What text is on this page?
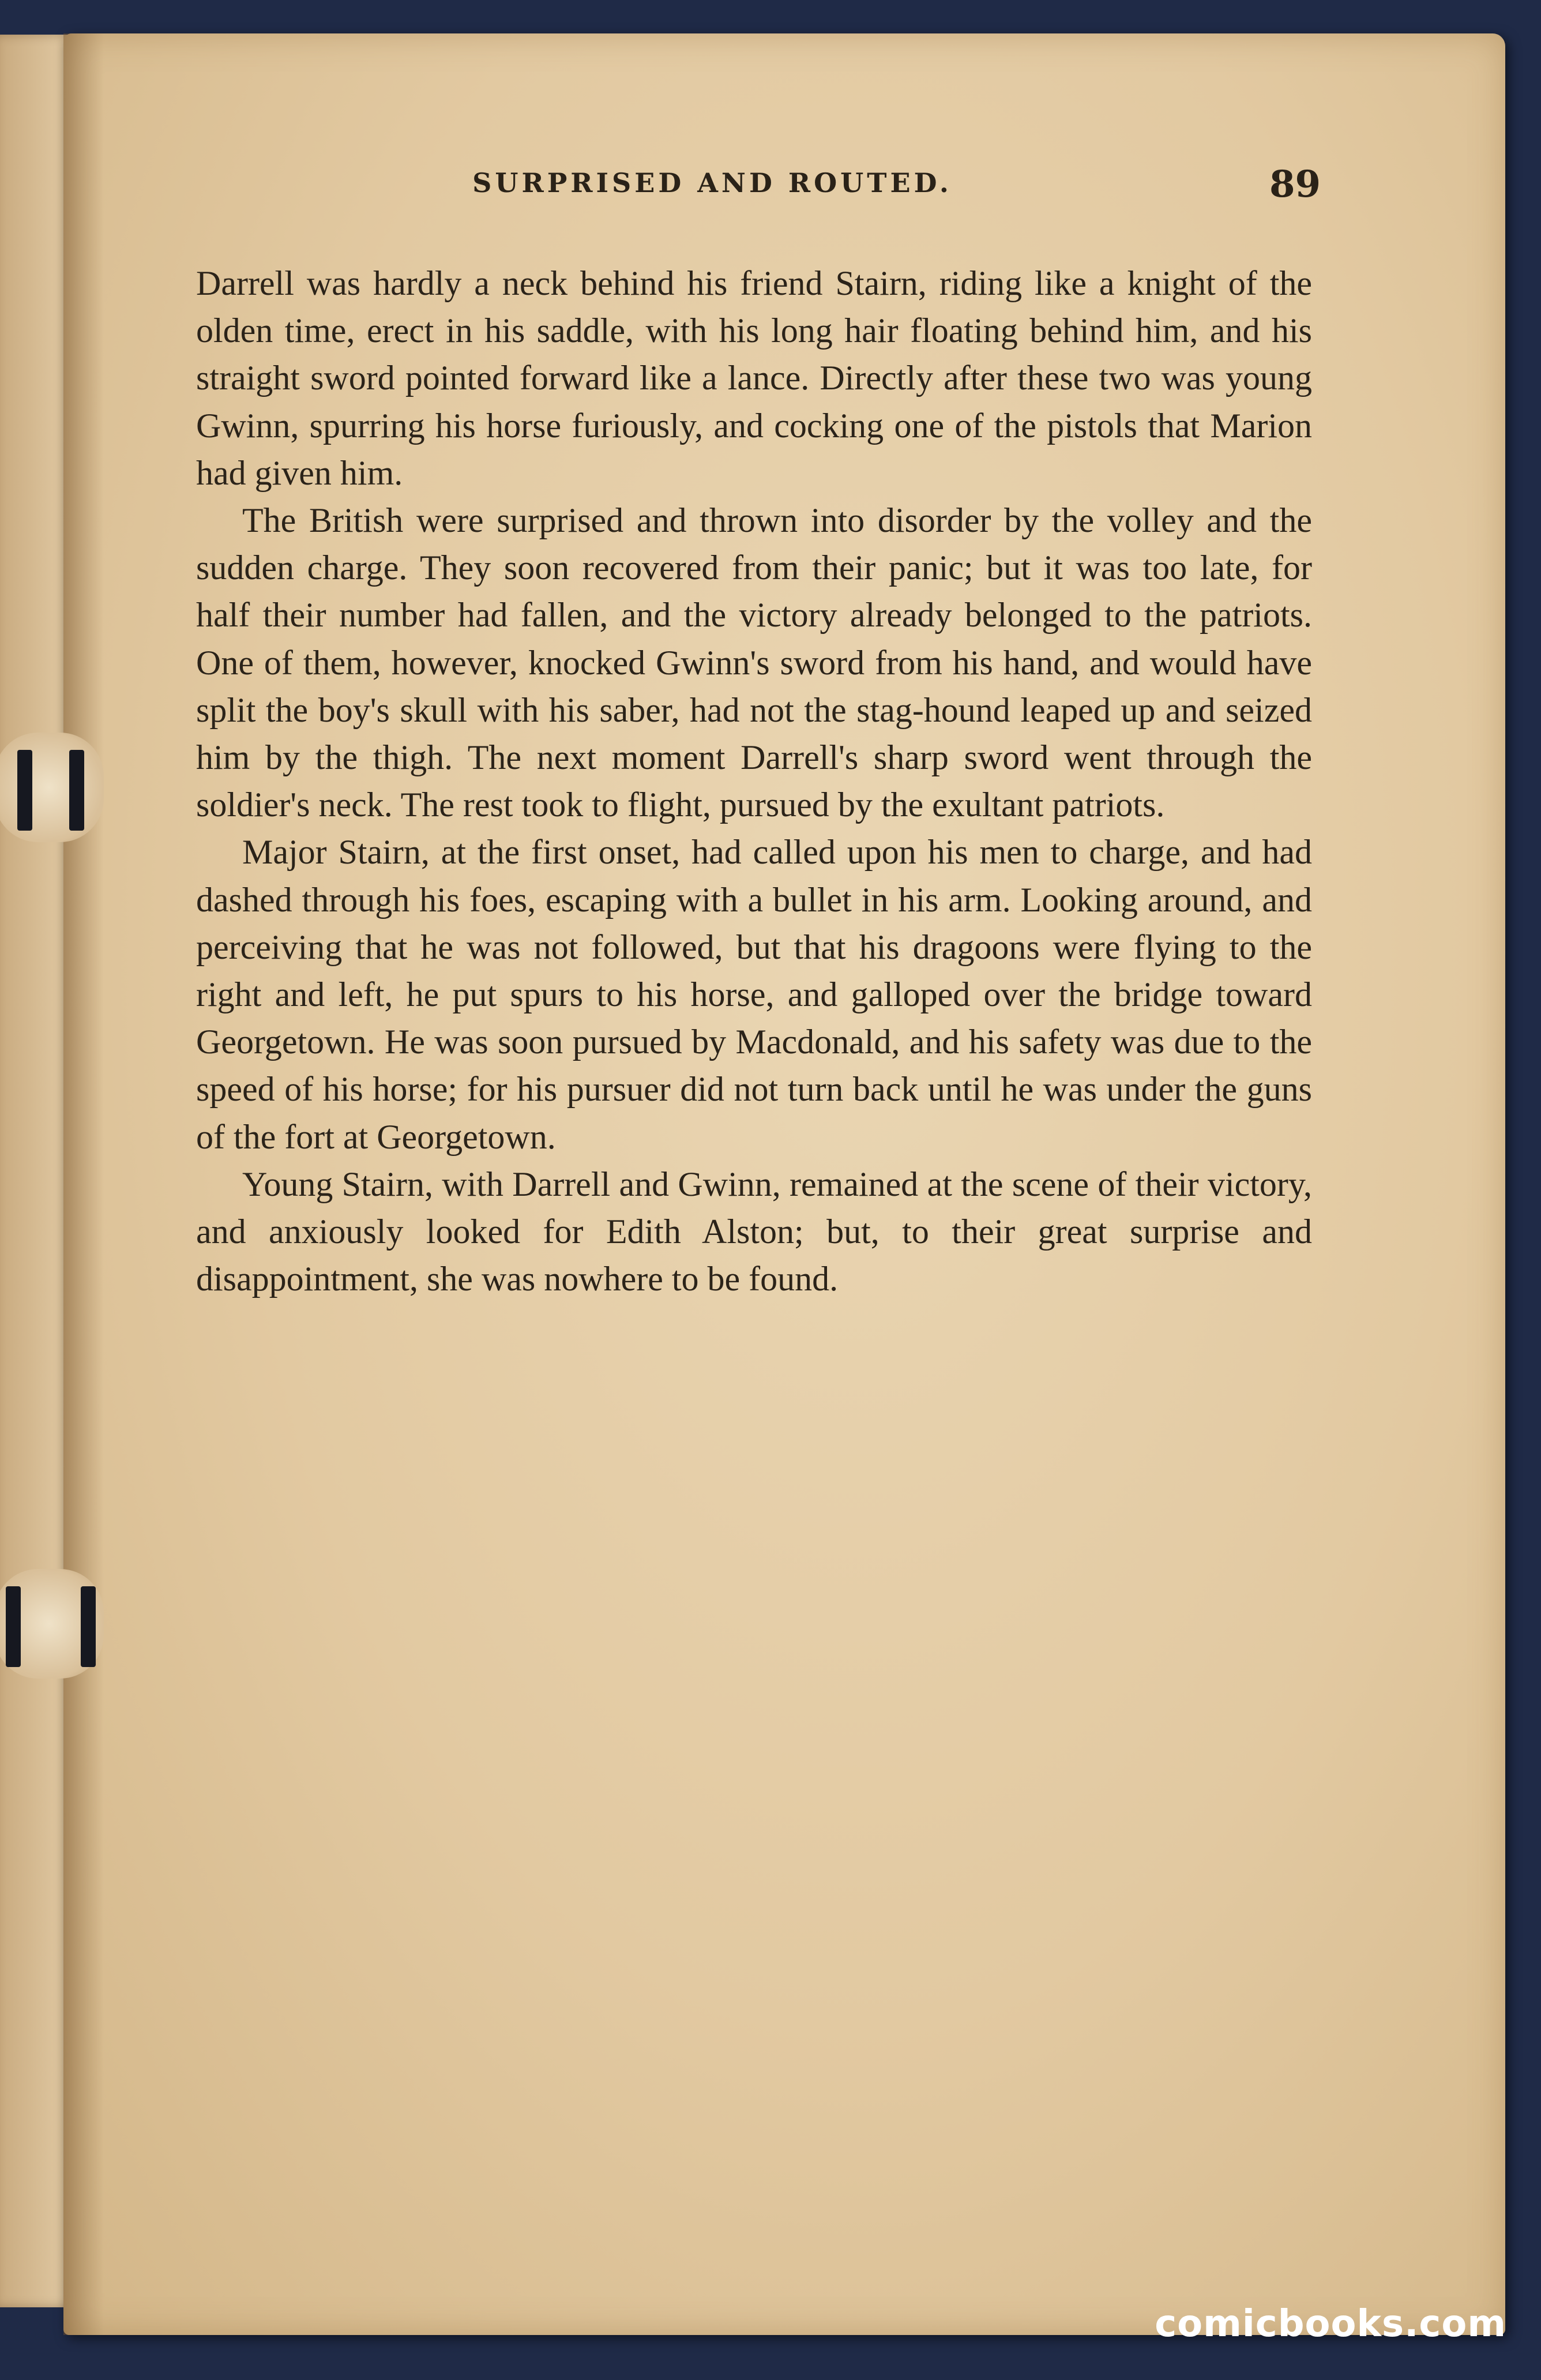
SURPRISED AND ROUTED.	89

Darrell was hardly a neck behind his friend Stairn, riding like a knight of the olden time, erect in his saddle, with his long hair floating behind him, and his straight sword pointed forward like a lance. Directly after these two was young Gwinn, spurring his horse furiously, and cocking one of the pistols that Marion had given him.

The British were surprised and thrown into disorder by the volley and the sudden charge. They soon recovered from their panic; but it was too late, for half their number had fallen, and the victory already belonged to the patriots. One of them, however, knocked Gwinn's sword from his hand, and would have split the boy's skull with his saber, had not the stag-hound leaped up and seized him by the thigh. The next moment Darrell's sharp sword went through the soldier's neck. The rest took to flight, pursued by the exultant patriots.

Major Stairn, at the first onset, had called upon his men to charge, and had dashed through his foes, escaping with a bullet in his arm. Looking around, and perceiving that he was not followed, but that his dragoons were flying to the right and left, he put spurs to his horse, and galloped over the bridge toward Georgetown. He was soon pursued by Macdonald, and his safety was due to the speed of his horse; for his pursuer did not turn back until he was under the guns of the fort at Georgetown.

Young Stairn, with Darrell and Gwinn, remained at the scene of their victory, and anxiously looked for Edith Alston; but, to their great surprise and disappointment, she was nowhere to be found.

comicbooks.com
